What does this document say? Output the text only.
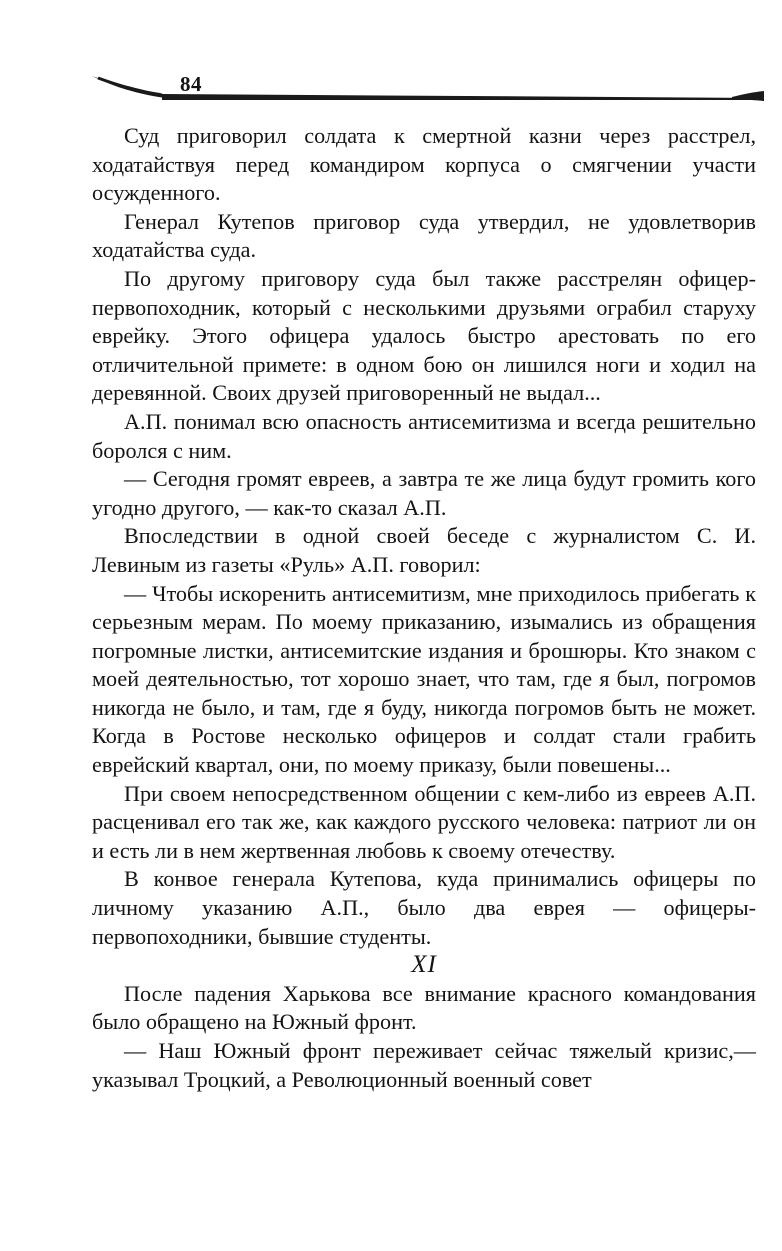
84

Суд приговорил солдата к смертной казни через расстрел, ходатайствуя перед командиром корпуса о смягчении участи осужденного.

Генерал Кутепов приговор суда утвердил, не удовлетворив ходатайства суда.

По другому приговору суда был также расстрелян офицер-первопоходник, который с несколькими друзьями ограбил старуху еврейку. Этого офицера удалось быстро арестовать по его отличительной примете: в одном бою он лишился ноги и ходил на деревянной. Своих друзей приговоренный не выдал...

А.П. понимал всю опасность антисемитизма и всегда решительно боролся с ним.

— Сегодня громят евреев, а завтра те же лица будут громить кого угодно другого, — как-то сказал А.П.

Впоследствии в одной своей беседе с журналистом С. И. Левиным из газеты «Руль» А.П. говорил:

— Чтобы искоренить антисемитизм, мне приходилось прибегать к серьезным мерам. По моему приказанию, изымались из обращения погромные листки, антисемитские издания и брошюры. Кто знаком с моей деятельностью, тот хорошо знает, что там, где я был, погромов никогда не было, и там, где я буду, никогда погромов быть не может. Когда в Ростове несколько офицеров и солдат стали грабить еврейский квартал, они, по моему приказу, были повешены...

При своем непосредственном общении с кем-либо из евреев А.П. расценивал его так же, как каждого русского человека: патриот ли он и есть ли в нем жертвенная любовь к своему отечеству.

В конвое генерала Кутепова, куда принимались офицеры по личному указанию А.П., было два еврея — офицеры-первопоходники, бывшие студенты.

XI

После падения Харькова все внимание красного командования было обращено на Южный фронт.

— Наш Южный фронт переживает сейчас тяжелый кризис,— указывал Троцкий, а Революционный военный совет
